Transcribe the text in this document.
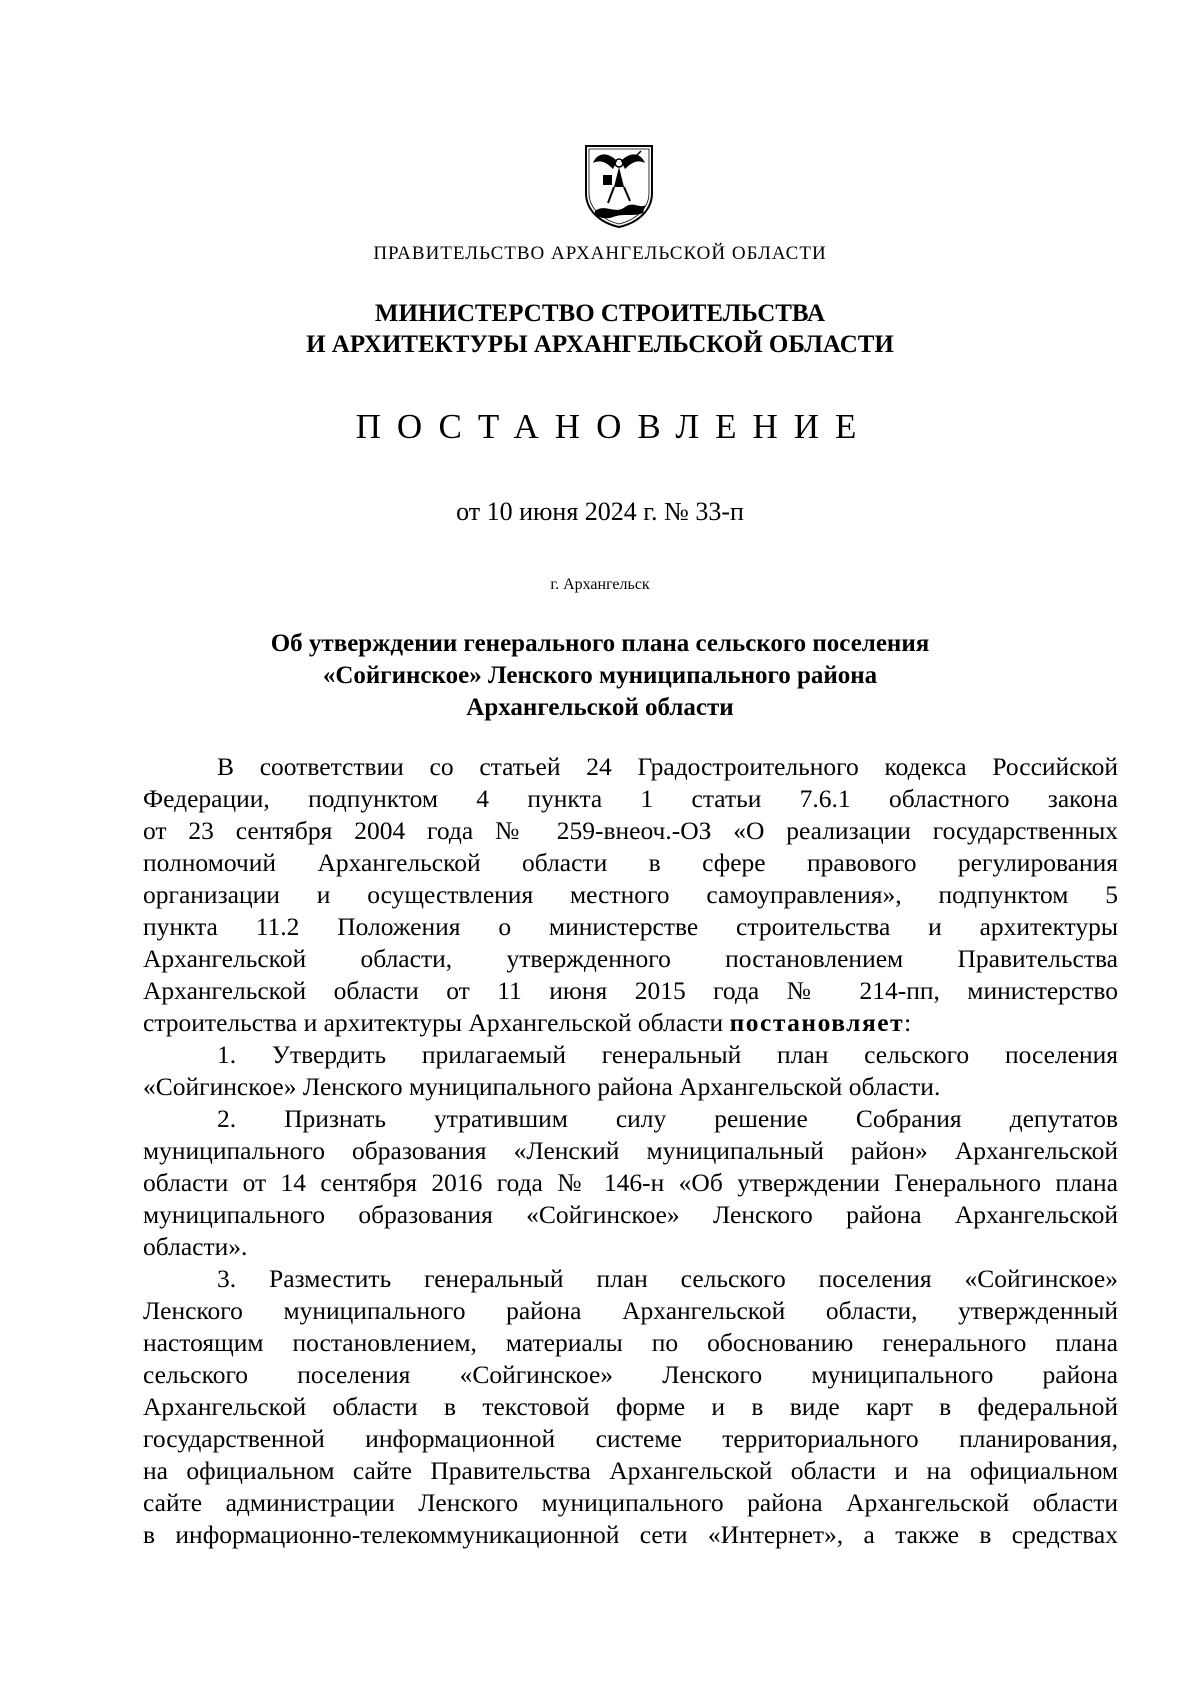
ПРАВИТЕЛЬСТВО АРХАНГЕЛЬСКОЙ ОБЛАСТИ
МИНИСТЕРСТВО СТРОИТЕЛЬСТВА
И АРХИТЕКТУРЫ АРХАНГЕЛЬСКОЙ ОБЛАСТИ
ПОСТАНОВЛЕНИЕ
от 10 июня 2024 г. № 33-п
г. Архангельск
Об утверждении генерального плана сельского поселения
«Сойгинское» Ленского муниципального района
Архангельской области

В соответствии со статьей 24 Градостроительного кодекса Российской
Федерации, подпунктом 4 пункта 1 статьи 7.6.1 областного закона
от 23 сентября 2004 года № 259-внеоч.-ОЗ «О реализации государственных
полномочий Архангельской области в сфере правового регулирования
организации и осуществления местного самоуправления», подпунктом 5
пункта 11.2 Положения о министерстве строительства и архитектуры
Архангельской области, утвержденного постановлением Правительства
Архангельской области от 11 июня 2015 года № 214-пп, министерство
строительства и архитектуры Архангельской области постановляет:

1. Утвердить прилагаемый генеральный план сельского поселения
«Сойгинское» Ленского муниципального района Архангельской области.

2. Признать утратившим силу решение Собрания депутатов
муниципального образования «Ленский муниципальный район» Архангельской
области от 14 сентября 2016 года № 146-н «Об утверждении Генерального плана
муниципального образования «Сойгинское» Ленского района Архангельской
области».

3. Разместить генеральный план сельского поселения «Сойгинское»
Ленского муниципального района Архангельской области, утвержденный
настоящим постановлением, материалы по обоснованию генерального плана
сельского поселения «Сойгинское» Ленского муниципального района
Архангельской области в текстовой форме и в виде карт в федеральной
государственной информационной системе территориального планирования,
на официальном сайте Правительства Архангельской области и на официальном
сайте администрации Ленского муниципального района Архангельской области
в информационно-телекоммуникационной сети «Интернет», а также в средствах
